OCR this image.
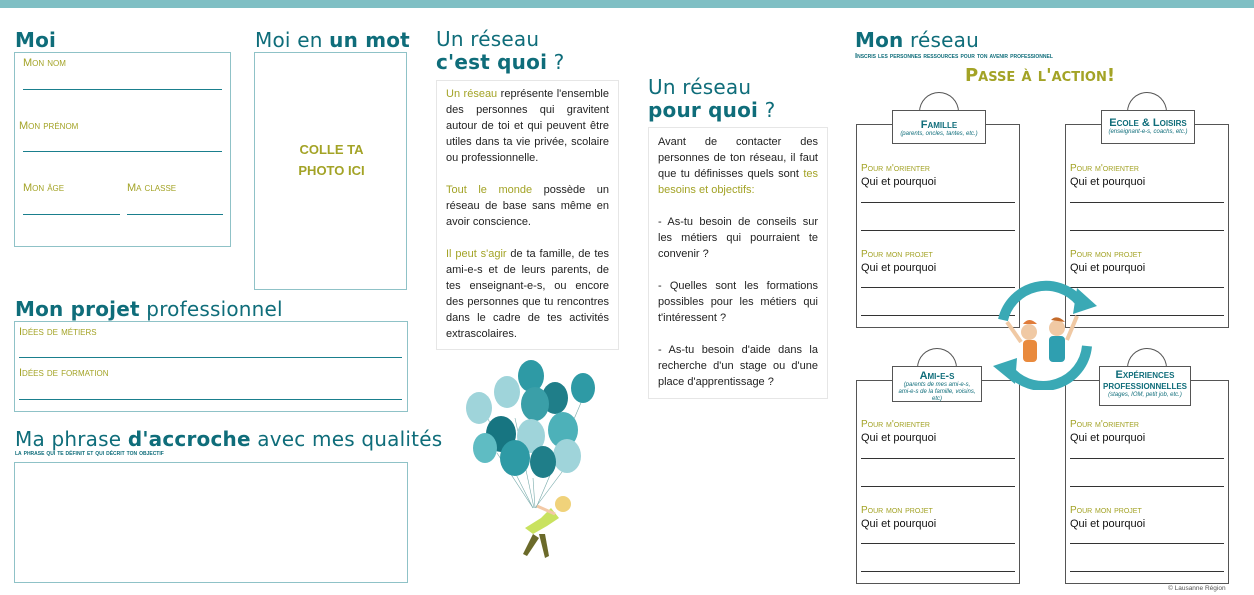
Moi
Mon nom
Mon prénom
Mon âge	Ma classe
Moi en un mot
COLLE TA
PHOTO ICI
Mon projet professionnel
Idées de métiers
Idées de formation
Ma phrase d'accroche avec mes qualités
la phrase qui te définit et qui décrit ton objectif
Un réseau
c'est quoi ?

Un réseau représente l'ensemble des personnes qui gravitent autour de toi et qui peuvent être utiles dans ta vie privée, scolaire ou professionnelle.

Tout le monde possède un réseau de base sans même en avoir conscience.

Il peut s'agir de ta famille, de tes ami-e-s et de leurs parents, de tes enseignant-e-s, ou encore des personnes que tu rencontres dans le cadre de tes activités extrascolaires.

Un réseau
pour quoi ?

Avant de contacter des personnes de ton réseau, il faut que tu définisses quels sont tes besoins et objectifs:

- As-tu besoin de conseils sur les métiers qui pourraient te convenir ?

- Quelles sont les formations possibles pour les métiers qui t'intéressent ?

- As-tu besoin d'aide dans la recherche d'un stage ou d'une place d'apprentissage ?

Mon réseau
Inscris les personnes ressources pour ton avenir professionnel
Passe à l'action!
Pour m'orienter
Qui et pourquoi
Pour mon projet
Qui et pourquoi
Famille
(parents, oncles, tantes, etc.)
Pour m'orienter
Qui et pourquoi
Pour mon projet
Qui et pourquoi
Ecole & Loisirs
(enseignant-e-s, coachs, etc.)
Pour m'orienter
Qui et pourquoi
Pour mon projet
Qui et pourquoi
Ami-e-s
(parents de mes ami-e-s, ami-e-s de la famille, voisins, etc)
Pour m'orienter
Qui et pourquoi
Pour mon projet
Qui et pourquoi
Expériences professionnelles
(stages, IOM, petit job, etc.)
© Lausanne Région
